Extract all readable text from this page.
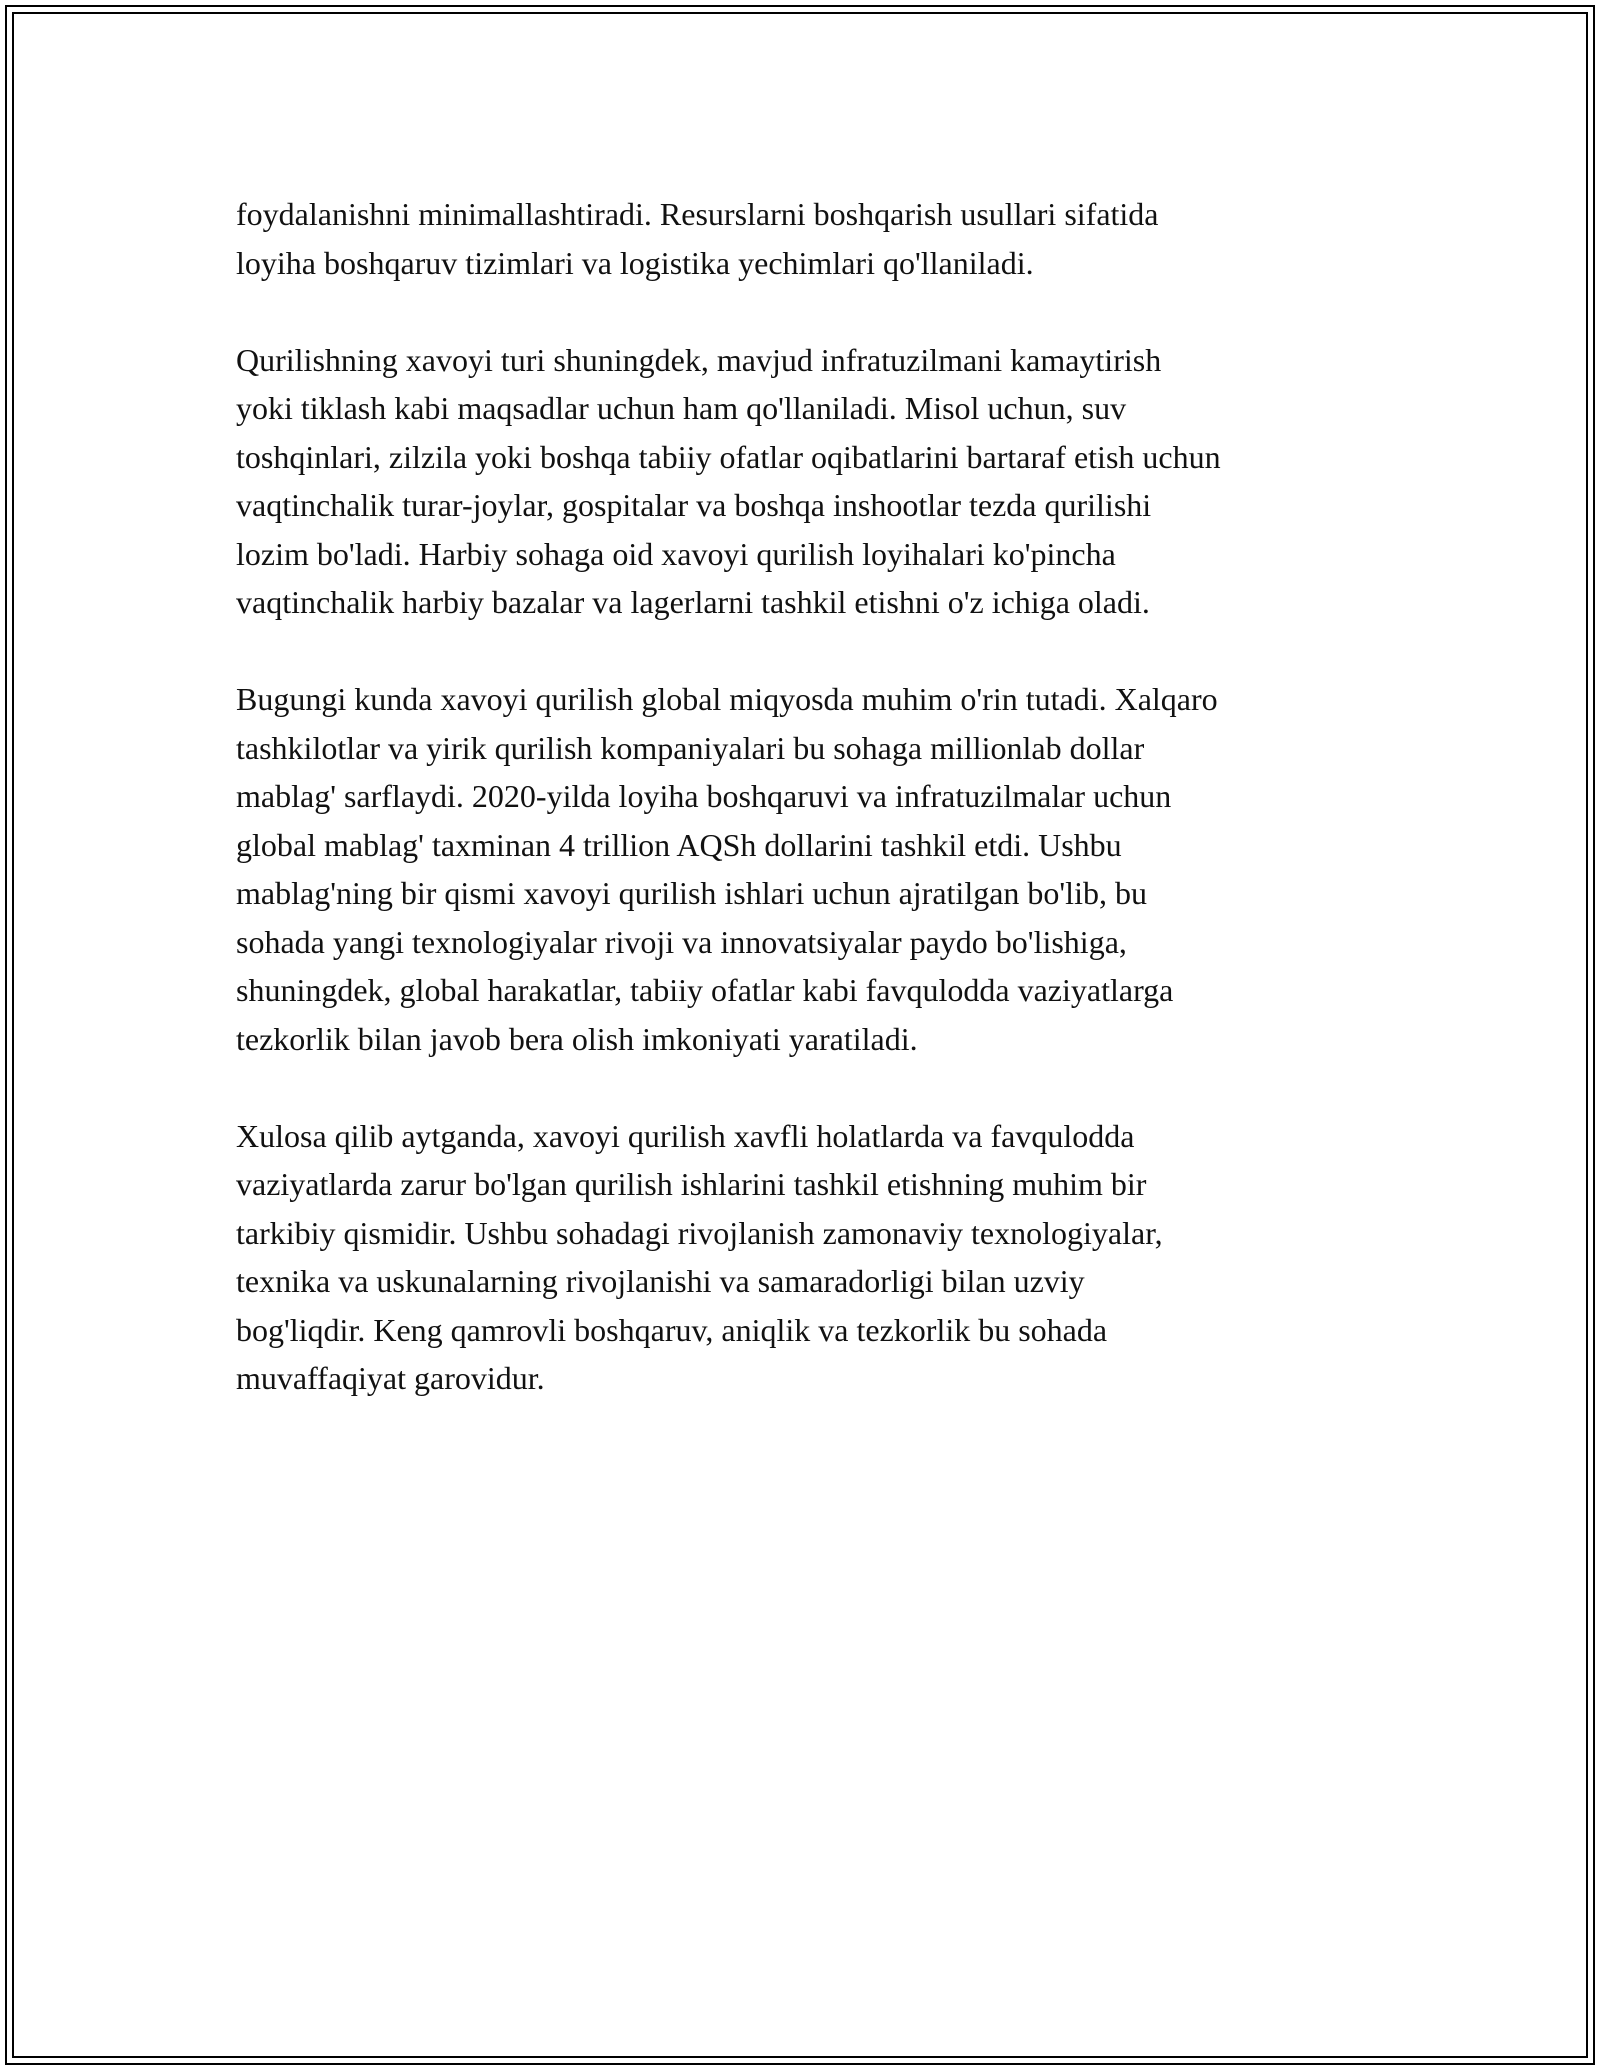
foydalanishni minimallashtiradi. Resurslarni boshqarish usullari sifatida
loyiha boshqaruv tizimlari va logistika yechimlari qo'llaniladi.
Qurilishning xavoyi turi shuningdek, mavjud infratuzilmani kamaytirish
yoki tiklash kabi maqsadlar uchun ham qo'llaniladi. Misol uchun, suv
toshqinlari, zilzila yoki boshqa tabiiy ofatlar oqibatlarini bartaraf etish uchun
vaqtinchalik turar-joylar, gospitalar va boshqa inshootlar tezda qurilishi
lozim bo'ladi. Harbiy sohaga oid xavoyi qurilish loyihalari ko'pincha
vaqtinchalik harbiy bazalar va lagerlarni tashkil etishni o'z ichiga oladi.
Bugungi kunda xavoyi qurilish global miqyosda muhim o'rin tutadi. Xalqaro
tashkilotlar va yirik qurilish kompaniyalari bu sohaga millionlab dollar
mablag' sarflaydi. 2020-yilda loyiha boshqaruvi va infratuzilmalar uchun
global mablag' taxminan 4 trillion AQSh dollarini tashkil etdi. Ushbu
mablag'ning bir qismi xavoyi qurilish ishlari uchun ajratilgan bo'lib, bu
sohada yangi texnologiyalar rivoji va innovatsiyalar paydo bo'lishiga,
shuningdek, global harakatlar, tabiiy ofatlar kabi favqulodda vaziyatlarga
tezkorlik bilan javob bera olish imkoniyati yaratiladi.
Xulosa qilib aytganda, xavoyi qurilish xavfli holatlarda va favqulodda
vaziyatlarda zarur bo'lgan qurilish ishlarini tashkil etishning muhim bir
tarkibiy qismidir. Ushbu sohadagi rivojlanish zamonaviy texnologiyalar,
texnika va uskunalarning rivojlanishi va samaradorligi bilan uzviy
bog'liqdir. Keng qamrovli boshqaruv, aniqlik va tezkorlik bu sohada
muvaffaqiyat garovidur.
